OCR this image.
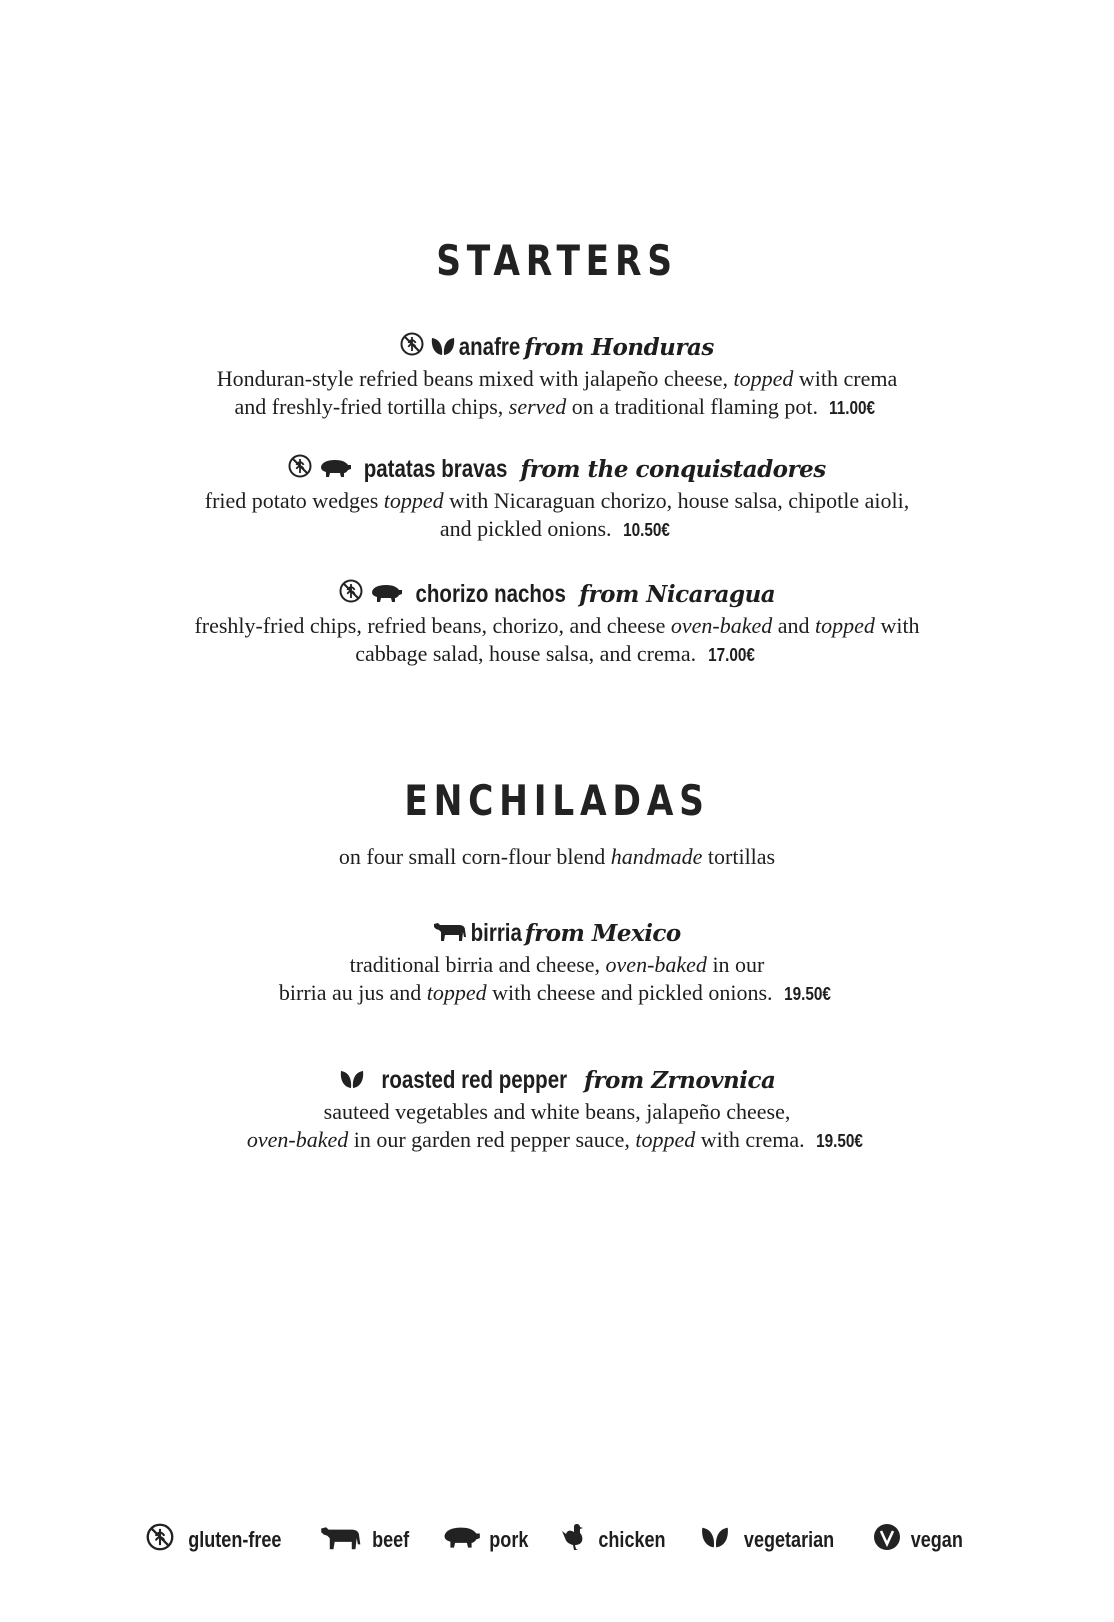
STARTERS
anafre from Honduras
Honduran-style refried beans mixed with jalapeño cheese, topped with crema
and freshly-fried tortilla chips, served on a traditional flaming pot. 11.00€
patatas bravas from the conquistadores
fried potato wedges topped with Nicaraguan chorizo, house salsa, chipotle aioli,
and pickled onions. 10.50€
chorizo nachos from Nicaragua
freshly-fried chips, refried beans, chorizo, and cheese oven-baked and topped with
cabbage salad, house salsa, and crema. 17.00€
ENCHILADAS
on four small corn-flour blend handmade tortillas
birria from Mexico
traditional birria and cheese, oven-baked in our
birria au jus and topped with cheese and pickled onions. 19.50€
roasted red pepper from Zrnovnica
sauteed vegetables and white beans, jalapeño cheese,
oven-baked in our garden red pepper sauce, topped with crema. 19.50€
gluten-free	beef	pork	chicken	vegetarian	vegan
